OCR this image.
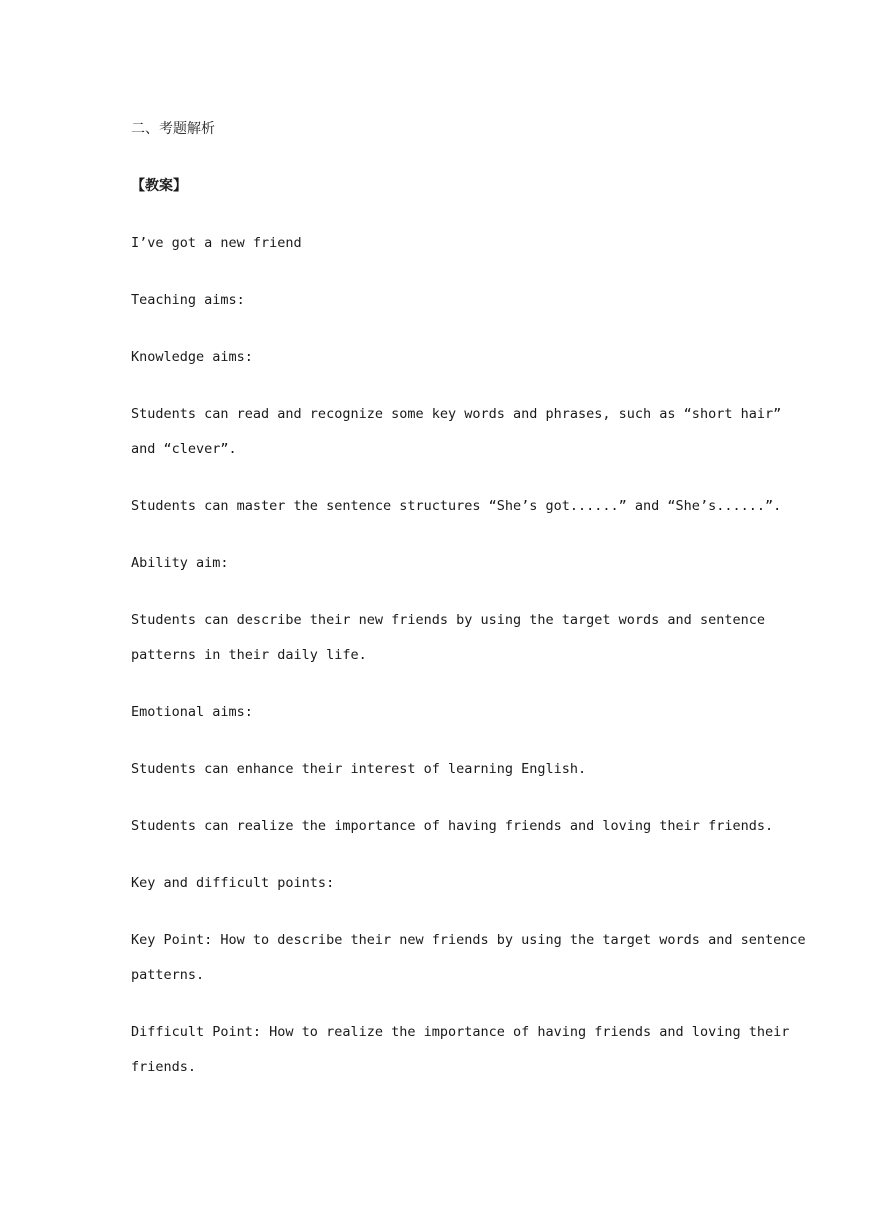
二、考题解析
【教案】
I’ve got a new friend
Teaching aims:
Knowledge aims:
Students can read and recognize some key words and phrases, such as “short hair”
and “clever”.
Students can master the sentence structures “She’s got......” and “She’s......”.
Ability aim:
Students can describe their new friends by using the target words and sentence
patterns in their daily life.
Emotional aims:
Students can enhance their interest of learning English.
Students can realize the importance of having friends and loving their friends.
Key and difficult points:
Key Point: How to describe their new friends by using the target words and sentence
patterns.
Difficult Point: How to realize the importance of having friends and loving their
friends.
